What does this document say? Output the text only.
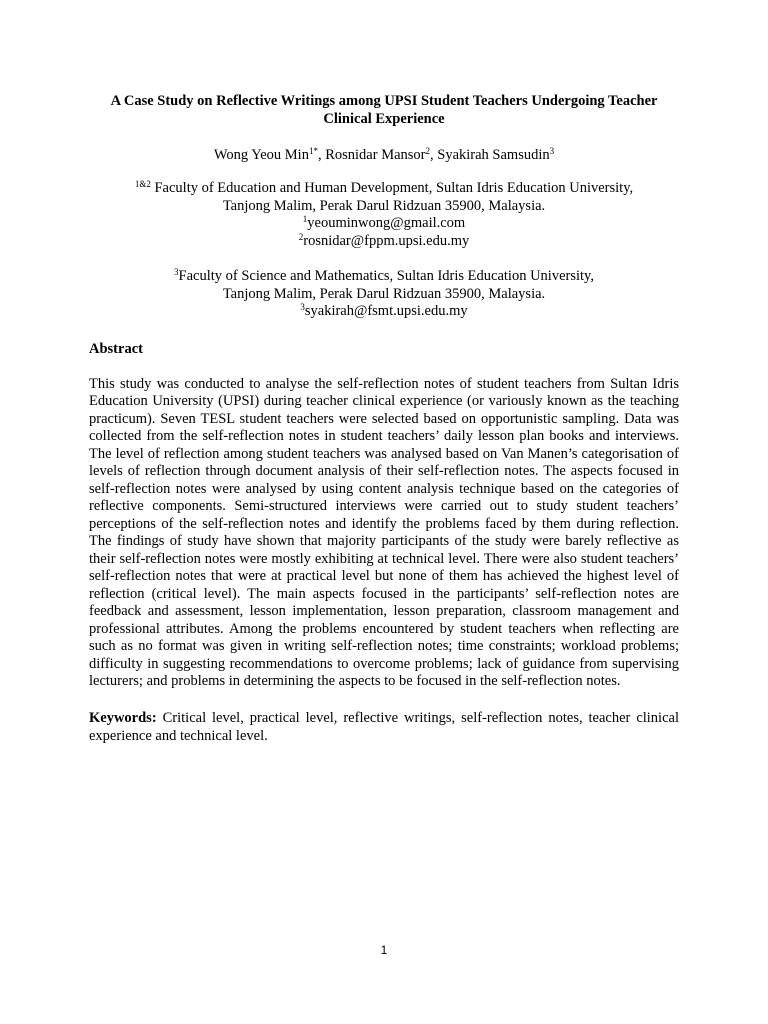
A Case Study on Reflective Writings among UPSI Student Teachers Undergoing Teacher Clinical Experience

Wong Yeou Min$^{1*}$, Rosnidar Mansor$^2$, Syakirah Samsudin$^3$

$^{1\&2}$ Faculty of Education and Human Development, Sultan Idris Education University,
Tanjong Malim, Perak Darul Ridzuan 35900, Malaysia.
$^1$yeouminwong@gmail.com
$^2$rosnidar@fppm.upsi.edu.my
$^3$Faculty of Science and Mathematics, Sultan Idris Education University,
Tanjong Malim, Perak Darul Ridzuan 35900, Malaysia.
$^3$syakirah@fsmt.upsi.edu.my
Abstract

This study was conducted to analyse the self-reflection notes of student teachers from Sultan Idris Education University (UPSI) during teacher clinical experience (or variously known as the teaching practicum). Seven TESL student teachers were selected based on opportunistic sampling. Data was collected from the self-reflection notes in student teachers’ daily lesson plan books and interviews. The level of reflection among student teachers was analysed based on Van Manen’s categorisation of levels of reflection through document analysis of their self-reflection notes. The aspects focused in self-reflection notes were analysed by using content analysis technique based on the categories of reflective components. Semi-structured interviews were carried out to study student teachers’ perceptions of the self-reflection notes and identify the problems faced by them during reflection. The findings of study have shown that majority participants of the study were barely reflective as their self-reflection notes were mostly exhibiting at technical level. There were also student teachers’ self-reflection notes that were at practical level but none of them has achieved the highest level of reflection (critical level). The main aspects focused in the participants’ self-reflection notes are feedback and assessment, lesson implementation, lesson preparation, classroom management and professional attributes. Among the problems encountered by student teachers when reflecting are such as no format was given in writing self-reflection notes; time constraints; workload problems; difficulty in suggesting recommendations to overcome problems; lack of guidance from supervising lecturers; and problems in determining the aspects to be focused in the self-reflection notes.

Keywords: Critical level, practical level, reflective writings, self-reflection notes, teacher clinical experience and technical level.

1
